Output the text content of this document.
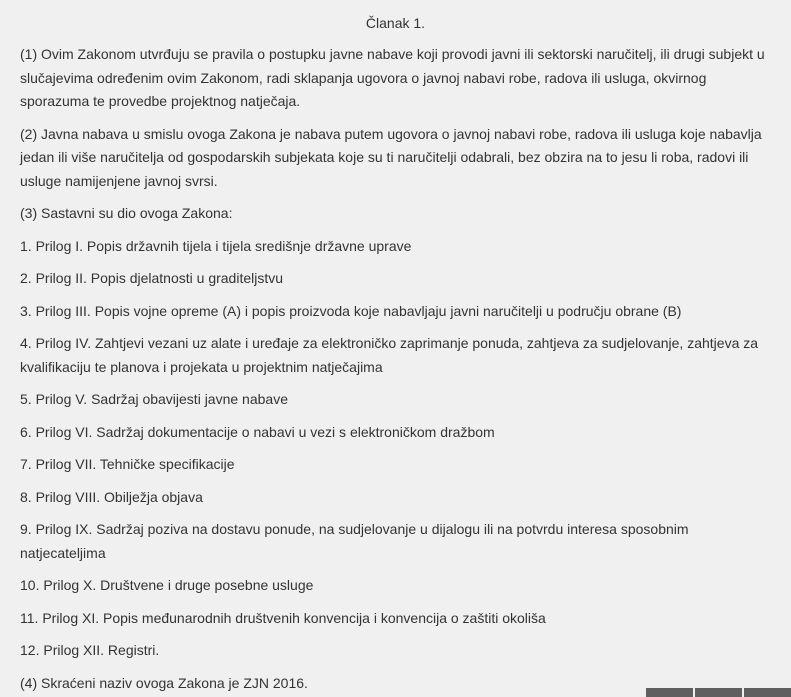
Članak 1.

(1) Ovim Zakonom utvrđuju se pravila o postupku javne nabave koji provodi javni ili sektorski naručitelj, ili drugi subjekt u slučajevima određenim ovim Zakonom, radi sklapanja ugovora o javnoj nabavi robe, radova ili usluga, okvirnog sporazuma te provedbe projektnog natječaja.

(2) Javna nabava u smislu ovoga Zakona je nabava putem ugovora o javnoj nabavi robe, radova ili usluga koje nabavlja jedan ili više naručitelja od gospodarskih subjekata koje su ti naručitelji odabrali, bez obzira na to jesu li roba, radovi ili usluge namijenjene javnoj svrsi.

(3) Sastavni su dio ovoga Zakona:

1. Prilog I. Popis državnih tijela i tijela središnje državne uprave

2. Prilog II. Popis djelatnosti u graditeljstvu

3. Prilog III. Popis vojne opreme (A) i popis proizvoda koje nabavljaju javni naručitelji u području obrane (B)

4. Prilog IV. Zahtjevi vezani uz alate i uređaje za elektroničko zaprimanje ponuda, zahtjeva za sudjelovanje, zahtjeva za kvalifikaciju te planova i projekata u projektnim natječajima

5. Prilog V. Sadržaj obavijesti javne nabave

6. Prilog VI. Sadržaj dokumentacije o nabavi u vezi s elektroničkom dražbom

7. Prilog VII. Tehničke specifikacije

8. Prilog VIII. Obilježja objava

9. Prilog IX. Sadržaj poziva na dostavu ponude, na sudjelovanje u dijalogu ili na potvrdu interesa sposobnim natjecateljima

10. Prilog X. Društvene i druge posebne usluge

11. Prilog XI. Popis međunarodnih društvenih konvencija i konvencija o zaštiti okoliša

12. Prilog XII. Registri.

(4) Skraćeni naziv ovoga Zakona je ZJN 2016.
